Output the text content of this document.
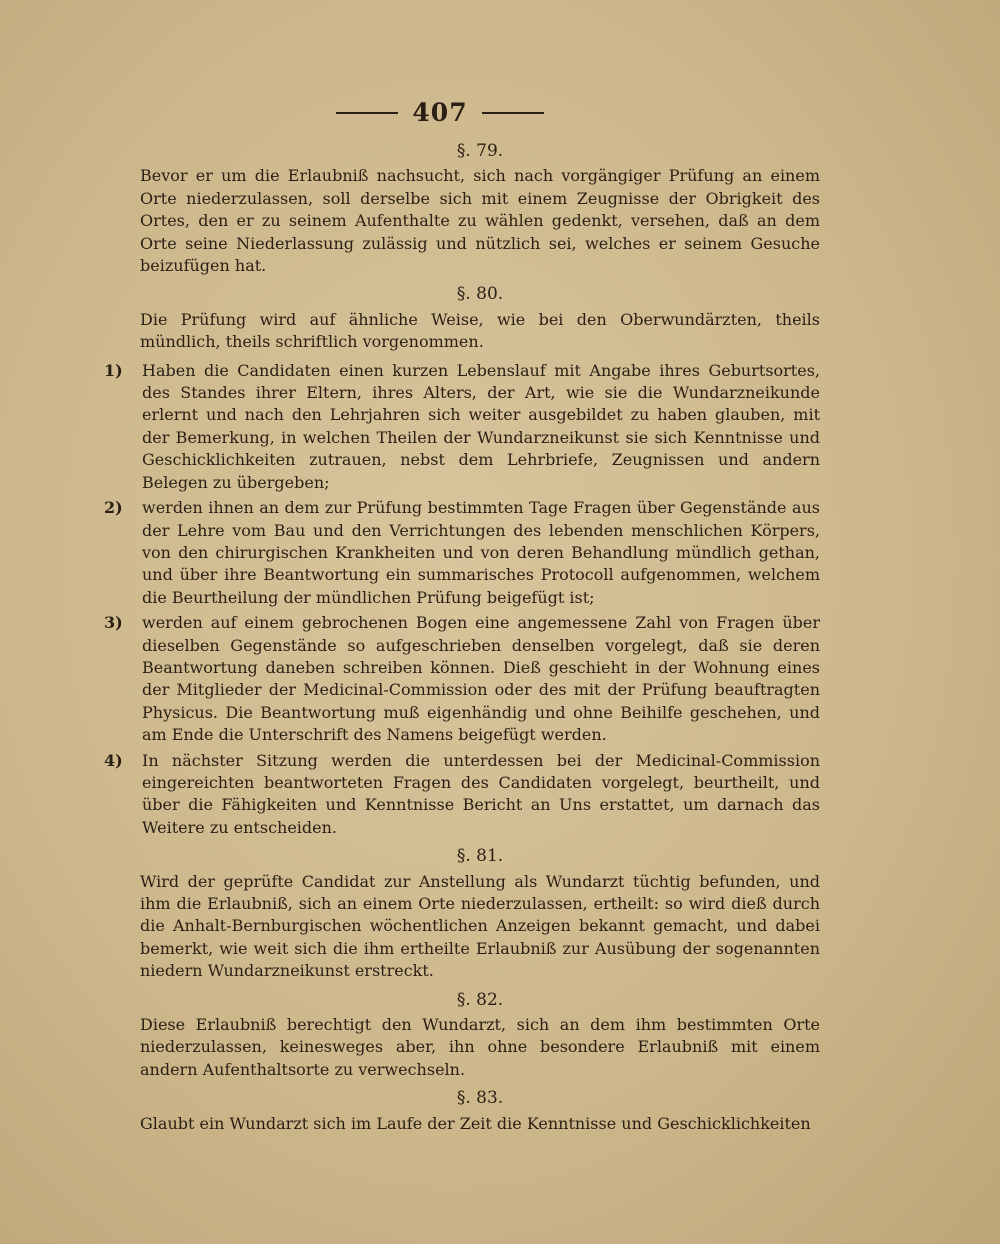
407
§. 79.

Bevor er um die Erlaubniß nachsucht, sich nach vorgängiger Prüfung an einem Orte niederzulassen, soll derselbe sich mit einem Zeugnisse der Obrigkeit des Ortes, den er zu seinem Aufenthalte zu wählen gedenkt, versehen, daß an dem Orte seine Niederlassung zulässig und nützlich sei, welches er seinem Gesuche beizufügen hat.

§. 80.

Die Prüfung wird auf ähnliche Weise, wie bei den Oberwundärzten, theils mündlich, theils schriftlich vorgenommen.

1)	Haben die Candidaten einen kurzen Lebenslauf mit Angabe ihres Geburtsortes, des Standes ihrer Eltern, ihres Alters, der Art, wie sie die Wundarzneikunde erlernt und nach den Lehrjahren sich weiter ausgebildet zu haben glauben, mit der Bemerkung, in welchen Theilen der Wundarzneikunst sie sich Kenntnisse und Geschicklichkeiten zutrauen, nebst dem Lehrbriefe, Zeugnissen und andern Belegen zu übergeben;
2)	werden ihnen an dem zur Prüfung bestimmten Tage Fragen über Gegenstände aus der Lehre vom Bau und den Verrichtungen des lebenden menschlichen Körpers, von den chirurgischen Krankheiten und von deren Behandlung mündlich gethan, und über ihre Beantwortung ein summarisches Protocoll aufgenommen, welchem die Beurtheilung der mündlichen Prüfung beigefügt ist;
3)	werden auf einem gebrochenen Bogen eine angemessene Zahl von Fragen über dieselben Gegenstände so aufgeschrieben denselben vorgelegt, daß sie deren Beantwortung daneben schreiben können. Dieß geschieht in der Wohnung eines der Mitglieder der Medicinal-Commission oder des mit der Prüfung beauftragten Physicus. Die Beantwortung muß eigenhändig und ohne Beihilfe geschehen, und am Ende die Unterschrift des Namens beigefügt werden.
4)	In nächster Sitzung werden die unterdessen bei der Medicinal-Commission eingereichten beantworteten Fragen des Candidaten vorgelegt, beurtheilt, und über die Fähigkeiten und Kenntnisse Bericht an Uns erstattet, um darnach das Weitere zu entscheiden.
§. 81.

Wird der geprüfte Candidat zur Anstellung als Wundarzt tüchtig befunden, und ihm die Erlaubniß, sich an einem Orte niederzulassen, ertheilt: so wird dieß durch die Anhalt-Bernburgischen wöchentlichen Anzeigen bekannt gemacht, und dabei bemerkt, wie weit sich die ihm ertheilte Erlaubniß zur Ausübung der sogenannten niedern Wundarzneikunst erstreckt.

§. 82.

Diese Erlaubniß berechtigt den Wundarzt, sich an dem ihm bestimmten Orte niederzulassen, keinesweges aber, ihn ohne besondere Erlaubniß mit einem andern Aufenthaltsorte zu verwechseln.

§. 83.

Glaubt ein Wundarzt sich im Laufe der Zeit die Kenntnisse und Geschicklichkeiten
